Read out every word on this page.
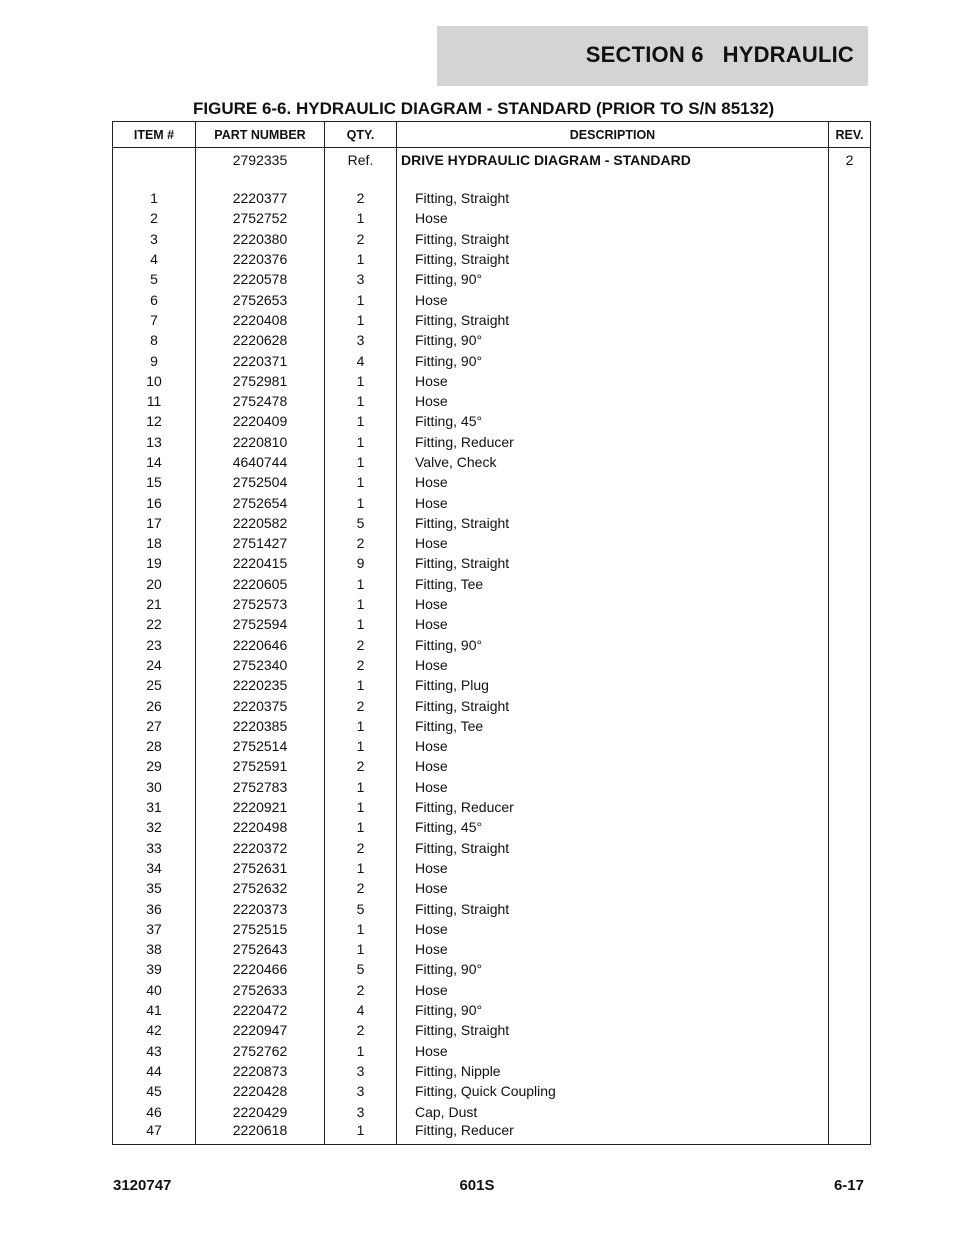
SECTION 6   HYDRAULIC
FIGURE 6-6. HYDRAULIC DIAGRAM - STANDARD (PRIOR TO S/N 85132)
ITEM #	PART NUMBER	QTY.	DESCRIPTION	REV.
	2792335	Ref.	DRIVE HYDRAULIC DIAGRAM - STANDARD	2
1	2220377	2	Fitting, Straight	
2	2752752	1	Hose	
3	2220380	2	Fitting, Straight	
4	2220376	1	Fitting, Straight	
5	2220578	3	Fitting, 90°	
6	2752653	1	Hose	
7	2220408	1	Fitting, Straight	
8	2220628	3	Fitting, 90°	
9	2220371	4	Fitting, 90°	
10	2752981	1	Hose	
11	2752478	1	Hose	
12	2220409	1	Fitting, 45°	
13	2220810	1	Fitting, Reducer	
14	4640744	1	Valve, Check	
15	2752504	1	Hose	
16	2752654	1	Hose	
17	2220582	5	Fitting, Straight	
18	2751427	2	Hose	
19	2220415	9	Fitting, Straight	
20	2220605	1	Fitting, Tee	
21	2752573	1	Hose	
22	2752594	1	Hose	
23	2220646	2	Fitting, 90°	
24	2752340	2	Hose	
25	2220235	1	Fitting, Plug	
26	2220375	2	Fitting, Straight	
27	2220385	1	Fitting, Tee	
28	2752514	1	Hose	
29	2752591	2	Hose	
30	2752783	1	Hose	
31	2220921	1	Fitting, Reducer	
32	2220498	1	Fitting, 45°	
33	2220372	2	Fitting, Straight	
34	2752631	1	Hose	
35	2752632	2	Hose	
36	2220373	5	Fitting, Straight	
37	2752515	1	Hose	
38	2752643	1	Hose	
39	2220466	5	Fitting, 90°	
40	2752633	2	Hose	
41	2220472	4	Fitting, 90°	
42	2220947	2	Fitting, Straight	
43	2752762	1	Hose	
44	2220873	3	Fitting, Nipple	
45	2220428	3	Fitting, Quick Coupling	
46	2220429	3	Cap, Dust	
47	2220618	1	Fitting, Reducer	
3120747	601S	6-17
